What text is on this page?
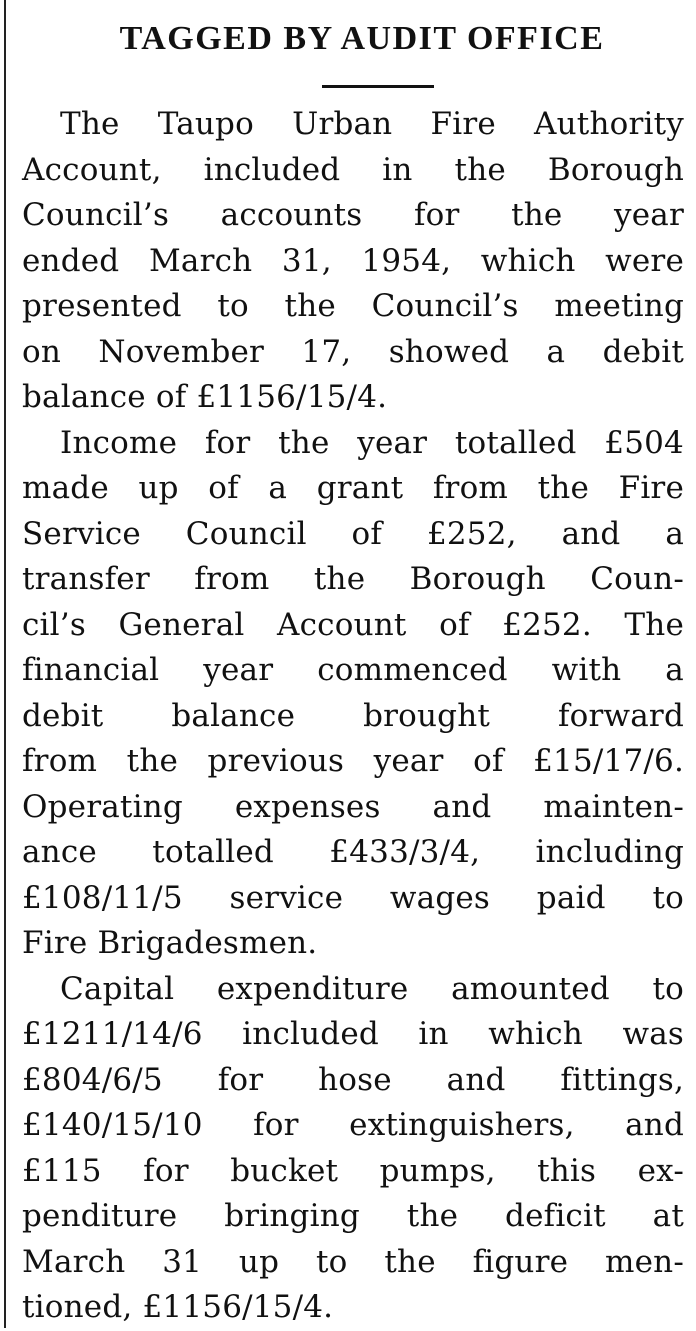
TAGGED BY AUDIT OFFICE

The Taupo Urban Fire Authority
Account, included in the Borough
Council’s accounts for the year
ended March 31, 1954, which were
presented to the Council’s meeting
on November 17, showed a debit
balance of £1156/15/4.

Income for the year totalled £504
made up of a grant from the Fire
Service Council of £252, and a
transfer from the Borough Coun-
cil’s General Account of £252. The
financial year commenced with a
debit balance brought forward
from the previous year of £15/17/6.
Operating expenses and mainten-
ance totalled £433/3/4, including
£108/11/5 service wages paid to
Fire Brigadesmen.

Capital expenditure amounted to
£1211/14/6 included in which was
£804/6/5 for hose and fittings,
£140/15/10 for extinguishers, and
£115 for bucket pumps, this ex-
penditure bringing the deficit at
March 31 up to the figure men-
tioned, £1156/15/4.
